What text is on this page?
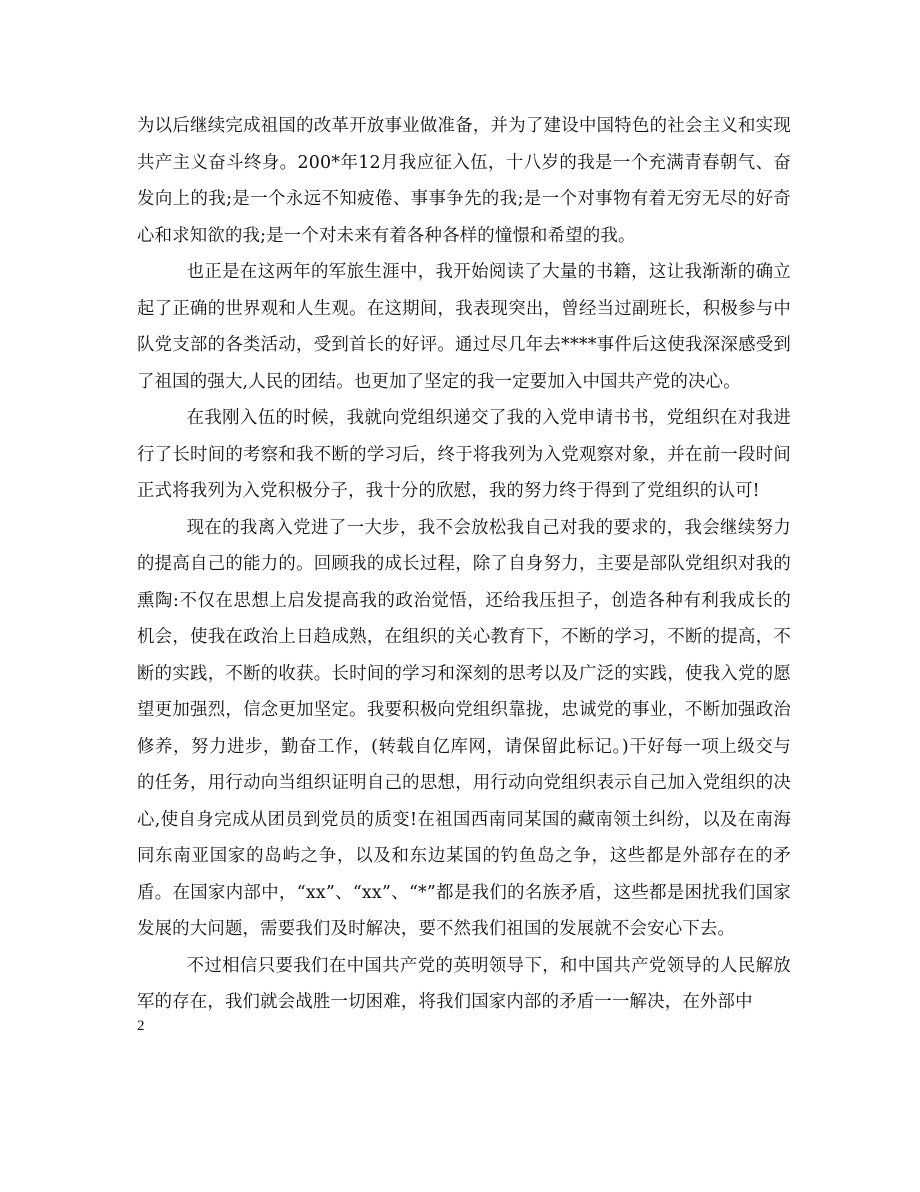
为以后继续完成祖国的改革开放事业做准备，并为了建设中国特色的社会主义和实现共产主义奋斗终身。200*年12月我应征入伍，十八岁的我是一个充满青春朝气、奋发向上的我;是一个永远不知疲倦、事事争先的我;是一个对事物有着无穷无尽的好奇心和求知欲的我;是一个对未来有着各种各样的憧憬和希望的我。

也正是在这两年的军旅生涯中，我开始阅读了大量的书籍，这让我渐渐的确立起了正确的世界观和人生观。在这期间，我表现突出，曾经当过副班长，积极参与中队党支部的各类活动，受到首长的好评。通过尽几年去****事件后这使我深深感受到了祖国的强大,人民的团结。也更加了坚定的我一定要加入中国共产党的决心。

在我刚入伍的时候，我就向党组织递交了我的入党申请书书，党组织在对我进行了长时间的考察和我不断的学习后，终于将我列为入党观察对象，并在前一段时间正式将我列为入党积极分子，我十分的欣慰，我的努力终于得到了党组织的认可!

现在的我离入党进了一大步，我不会放松我自己对我的要求的，我会继续努力的提高自己的能力的。回顾我的成长过程，除了自身努力，主要是部队党组织对我的熏陶:不仅在思想上启发提高我的政治觉悟，还给我压担子，创造各种有利我成长的机会，使我在政治上日趋成熟，在组织的关心教育下，不断的学习，不断的提高，不断的实践，不断的收获。长时间的学习和深刻的思考以及广泛的实践，使我入党的愿望更加强烈，信念更加坚定。我要积极向党组织靠拢，忠诚党的事业，不断加强政治修养，努力进步，勤奋工作，(转载自亿库网，请保留此标记。)干好每一项上级交与的任务，用行动向当组织证明自己的思想，用行动向党组织表示自己加入党组织的决心,使自身完成从团员到党员的质变!在祖国西南同某国的藏南领土纠纷，以及在南海同东南亚国家的岛屿之争，以及和东边某国的钓鱼岛之争，这些都是外部存在的矛盾。在国家内部中，“xx”、“xx”、“*”都是我们的名族矛盾，这些都是困扰我们国家发展的大问题，需要我们及时解决，要不然我们祖国的发展就不会安心下去。

不过相信只要我们在中国共产党的英明领导下，和中国共产党领导的人民解放军的存在，我们就会战胜一切困难，将我们国家内部的矛盾一一解决，在外部中

2
